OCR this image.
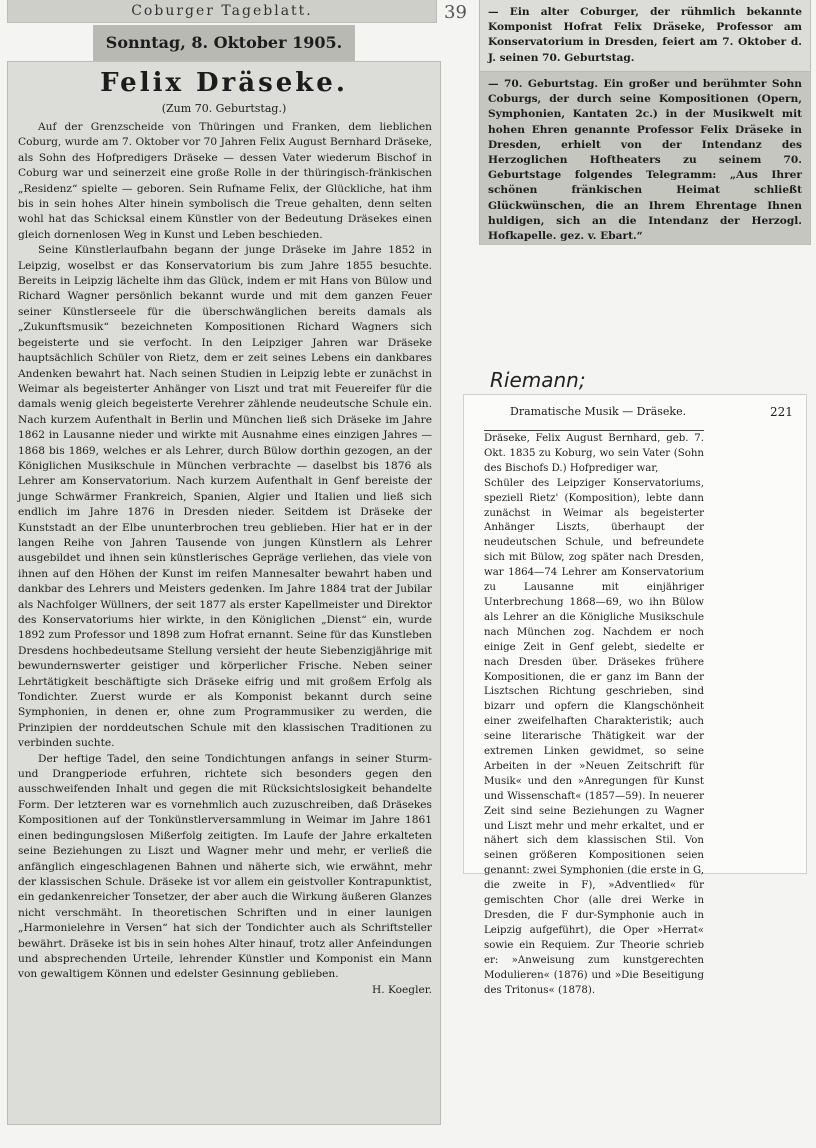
Coburger Tageblatt.	39
Sonntag, 8. Oktober 1905.
Felix Dräseke.
(Zum 70. Geburtstag.)

Auf der Grenzscheide von Thüringen und Franken, dem lieblichen Coburg, wurde am 7. Oktober vor 70 Jahren Felix August Bernhard Dräseke, als Sohn des Hofpredigers Dräseke — dessen Vater wiederum Bischof in Coburg war und seinerzeit eine große Rolle in der thüringisch-fränkischen „Residenz“ spielte — geboren. Sein Rufname Felix, der Glückliche, hat ihm bis in sein hohes Alter hinein symbolisch die Treue gehalten, denn selten wohl hat das Schicksal einem Künstler von der Bedeutung Dräsekes einen gleich dornenlosen Weg in Kunst und Leben beschieden.

Seine Künstlerlaufbahn begann der junge Dräseke im Jahre 1852 in Leipzig, woselbst er das Konservatorium bis zum Jahre 1855 besuchte. Bereits in Leipzig lächelte ihm das Glück, indem er mit Hans von Bülow und Richard Wagner persönlich bekannt wurde und mit dem ganzen Feuer seiner Künstlerseele für die überschwänglichen bereits damals als „Zukunftsmusik“ bezeichneten Kompositionen Richard Wagners sich begeisterte und sie verfocht. In den Leipziger Jahren war Dräseke hauptsächlich Schüler von Rietz, dem er zeit seines Lebens ein dankbares Andenken bewahrt hat. Nach seinen Studien in Leipzig lebte er zunächst in Weimar als begeisterter Anhänger von Liszt und trat mit Feuereifer für die damals wenig gleich begeisterte Verehrer zählende neudeutsche Schule ein. Nach kurzem Aufenthalt in Berlin und München ließ sich Dräseke im Jahre 1862 in Lausanne nieder und wirkte mit Ausnahme eines einzigen Jahres — 1868 bis 1869, welches er als Lehrer, durch Bülow dorthin gezogen, an der Königlichen Musikschule in München verbrachte — daselbst bis 1876 als Lehrer am Konservatorium. Nach kurzem Aufenthalt in Genf bereiste der junge Schwärmer Frankreich, Spanien, Algier und Italien und ließ sich endlich im Jahre 1876 in Dresden nieder. Seitdem ist Dräseke der Kunststadt an der Elbe ununterbrochen treu geblieben. Hier hat er in der langen Reihe von Jahren Tausende von jungen Künstlern als Lehrer ausgebildet und ihnen sein künstlerisches Gepräge verliehen, das viele von ihnen auf den Höhen der Kunst im reifen Mannesalter bewahrt haben und dankbar des Lehrers und Meisters gedenken. Im Jahre 1884 trat der Jubilar als Nachfolger Wüllners, der seit 1877 als erster Kapellmeister und Direktor des Konservatoriums hier wirkte, in den Königlichen „Dienst“ ein, wurde 1892 zum Professor und 1898 zum Hofrat ernannt. Seine für das Kunstleben Dresdens hochbedeutsame Stellung versieht der heute Siebenzigjährige mit bewundernswerter geistiger und körperlicher Frische. Neben seiner Lehrtätigkeit beschäftigte sich Dräseke eifrig und mit großem Erfolg als Tondichter. Zuerst wurde er als Komponist bekannt durch seine Symphonien, in denen er, ohne zum Programmusiker zu werden, die Prinzipien der norddeutschen Schule mit den klassischen Traditionen zu verbinden suchte.

Der heftige Tadel, den seine Tondichtungen anfangs in seiner Sturm- und Drangperiode erfuhren, richtete sich besonders gegen den ausschweifenden Inhalt und gegen die mit Rücksichtslosigkeit behandelte Form. Der letzteren war es vornehmlich auch zuzuschreiben, daß Dräsekes Kompositionen auf der Tonkünstlerversammlung in Weimar im Jahre 1861 einen bedingungslosen Mißerfolg zeitigten. Im Laufe der Jahre erkalteten seine Beziehungen zu Liszt und Wagner mehr und mehr, er verließ die anfänglich eingeschlagenen Bahnen und näherte sich, wie erwähnt, mehr der klassischen Schule. Dräseke ist vor allem ein geistvoller Kontrapunktist, ein gedankenreicher Tonsetzer, der aber auch die Wirkung äußeren Glanzes nicht verschmäht. In theoretischen Schriften und in einer launigen „Harmonielehre in Versen“ hat sich der Tondichter auch als Schriftsteller bewährt. Dräseke ist bis in sein hohes Alter hinauf, trotz aller Anfeindungen und absprechenden Urteile, lehrender Künstler und Komponist ein Mann von gewaltigem Können und edelster Gesinnung geblieben.

H. Koegler.

— Ein alter Coburger, der rühmlich bekannte Komponist Hofrat Felix Dräseke, Professor am Konservatorium in Dresden, feiert am 7. Oktober d. J. seinen 70. Geburtstag.
— 70. Geburtstag. Ein großer und berühmter Sohn Coburgs, der durch seine Kompositionen (Opern, Symphonien, Kantaten 2c.) in der Musikwelt mit hohen Ehren genannte Professor Felix Dräseke in Dresden, erhielt von der Intendanz des Herzoglichen Hoftheaters zu seinem 70. Geburtstage folgendes Telegramm: „Aus Ihrer schönen fränkischen Heimat schließt Glückwünschen, die an Ihrem Ehrentage Ihnen huldigen, sich an die Intendanz der Herzogl. Hofkapelle. gez. v. Ebart.“
Riemann;
Dramatische Musik — Dräseke.	221
Dräseke, Felix August Bernhard, geb. 7. Okt. 1835 zu Koburg, wo sein Vater (Sohn des Bischofs D.) Hofprediger war,
Schüler des Leipziger Konservatoriums, speziell Rietz' (Komposition), lebte dann zunächst in Weimar als begeisterter Anhänger Liszts, überhaupt der neudeutschen Schule, und befreundete sich mit Bülow, zog später nach Dresden, war 1864—74 Lehrer am Konservatorium zu Lausanne mit einjähriger Unterbrechung 1868—69, wo ihn Bülow als Lehrer an die Königliche Musikschule nach München zog. Nachdem er noch einige Zeit in Genf gelebt, siedelte er nach Dresden über. Dräsekes frühere Kompositionen, die er ganz im Bann der Lisztschen Richtung geschrieben, sind bizarr und opfern die Klangschönheit einer zweifelhaften Charakteristik; auch seine literarische Thätigkeit war der extremen Linken gewidmet, so seine Arbeiten in der »Neuen Zeitschrift für Musik« und den »Anregungen für Kunst und Wissenschaft« (1857—59). In neuerer Zeit sind seine Beziehungen zu Wagner und Liszt mehr und mehr erkaltet, und er nähert sich dem klassischen Stil. Von seinen größeren Kompositionen seien genannt: zwei Symphonien (die erste in G, die zweite in F), »Adventlied« für gemischten Chor (alle drei Werke in Dresden, die F dur-Symphonie auch in Leipzig aufgeführt), die Oper »Herrat« sowie ein Requiem. Zur Theorie schrieb er: »Anweisung zum kunstgerechten Modulieren« (1876) und »Die Beseitigung des Tritonus« (1878).
